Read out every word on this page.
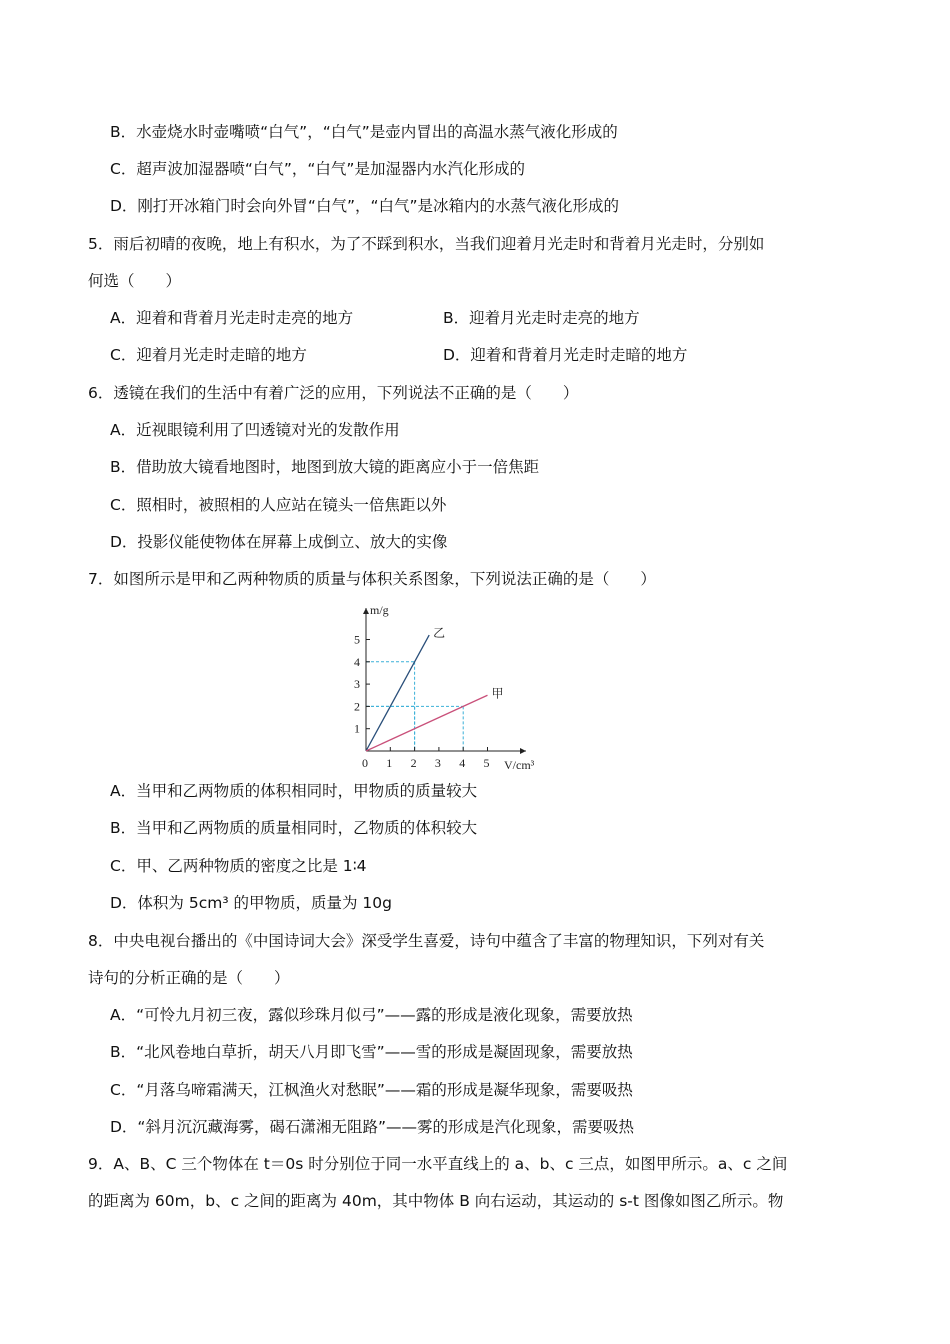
B．水壶烧水时壶嘴喷“白气”，“白气”是壶内冒出的高温水蒸气液化形成的
C．超声波加湿器喷“白气”，“白气”是加湿器内水汽化形成的
D．刚打开冰箱门时会向外冒“白气”，“白气”是冰箱内的水蒸气液化形成的
5．雨后初晴的夜晚，地上有积水，为了不踩到积水，当我们迎着月光走时和背着月光走时，分别如
何选（　　）
A．迎着和背着月光走时走亮的地方	B．迎着月光走时走亮的地方
C．迎着月光走时走暗的地方	D．迎着和背着月光走时走暗的地方
6．透镜在我们的生活中有着广泛的应用，下列说法不正确的是（　　）
A．近视眼镜利用了凹透镜对光的发散作用
B．借助放大镜看地图时，地图到放大镜的距离应小于一倍焦距
C．照相时，被照相的人应站在镜头一倍焦距以外
D．投影仪能使物体在屏幕上成倒立、放大的实像
7．如图所示是甲和乙两种物质的质量与体积关系图象，下列说法正确的是（　　）
0 1 2 3 4 5
1
2
3
4
5	乙
甲
m/g
V/cm³
A．当甲和乙两物质的体积相同时，甲物质的质量较大
B．当甲和乙两物质的质量相同时，乙物质的体积较大
C．甲、乙两种物质的密度之比是 1∶4
D．体积为 5cm³ 的甲物质，质量为 10g
8．中央电视台播出的《中国诗词大会》深受学生喜爱，诗句中蕴含了丰富的物理知识，下列对有关
诗句的分析正确的是（　　）
A．“可怜九月初三夜，露似珍珠月似弓”——露的形成是液化现象，需要放热
B．“北风卷地白草折，胡天八月即飞雪”——雪的形成是凝固现象，需要放热
C．“月落乌啼霜满天，江枫渔火对愁眠”——霜的形成是凝华现象，需要吸热
D．“斜月沉沉藏海雾，碣石潇湘无阻路”——雾的形成是汽化现象，需要吸热
9．A、B、C 三个物体在 t＝0s 时分别位于同一水平直线上的 a、b、c 三点，如图甲所示。a、c 之间
的距离为 60m，b、c 之间的距离为 40m，其中物体 B 向右运动，其运动的 s-t 图像如图乙所示。物
